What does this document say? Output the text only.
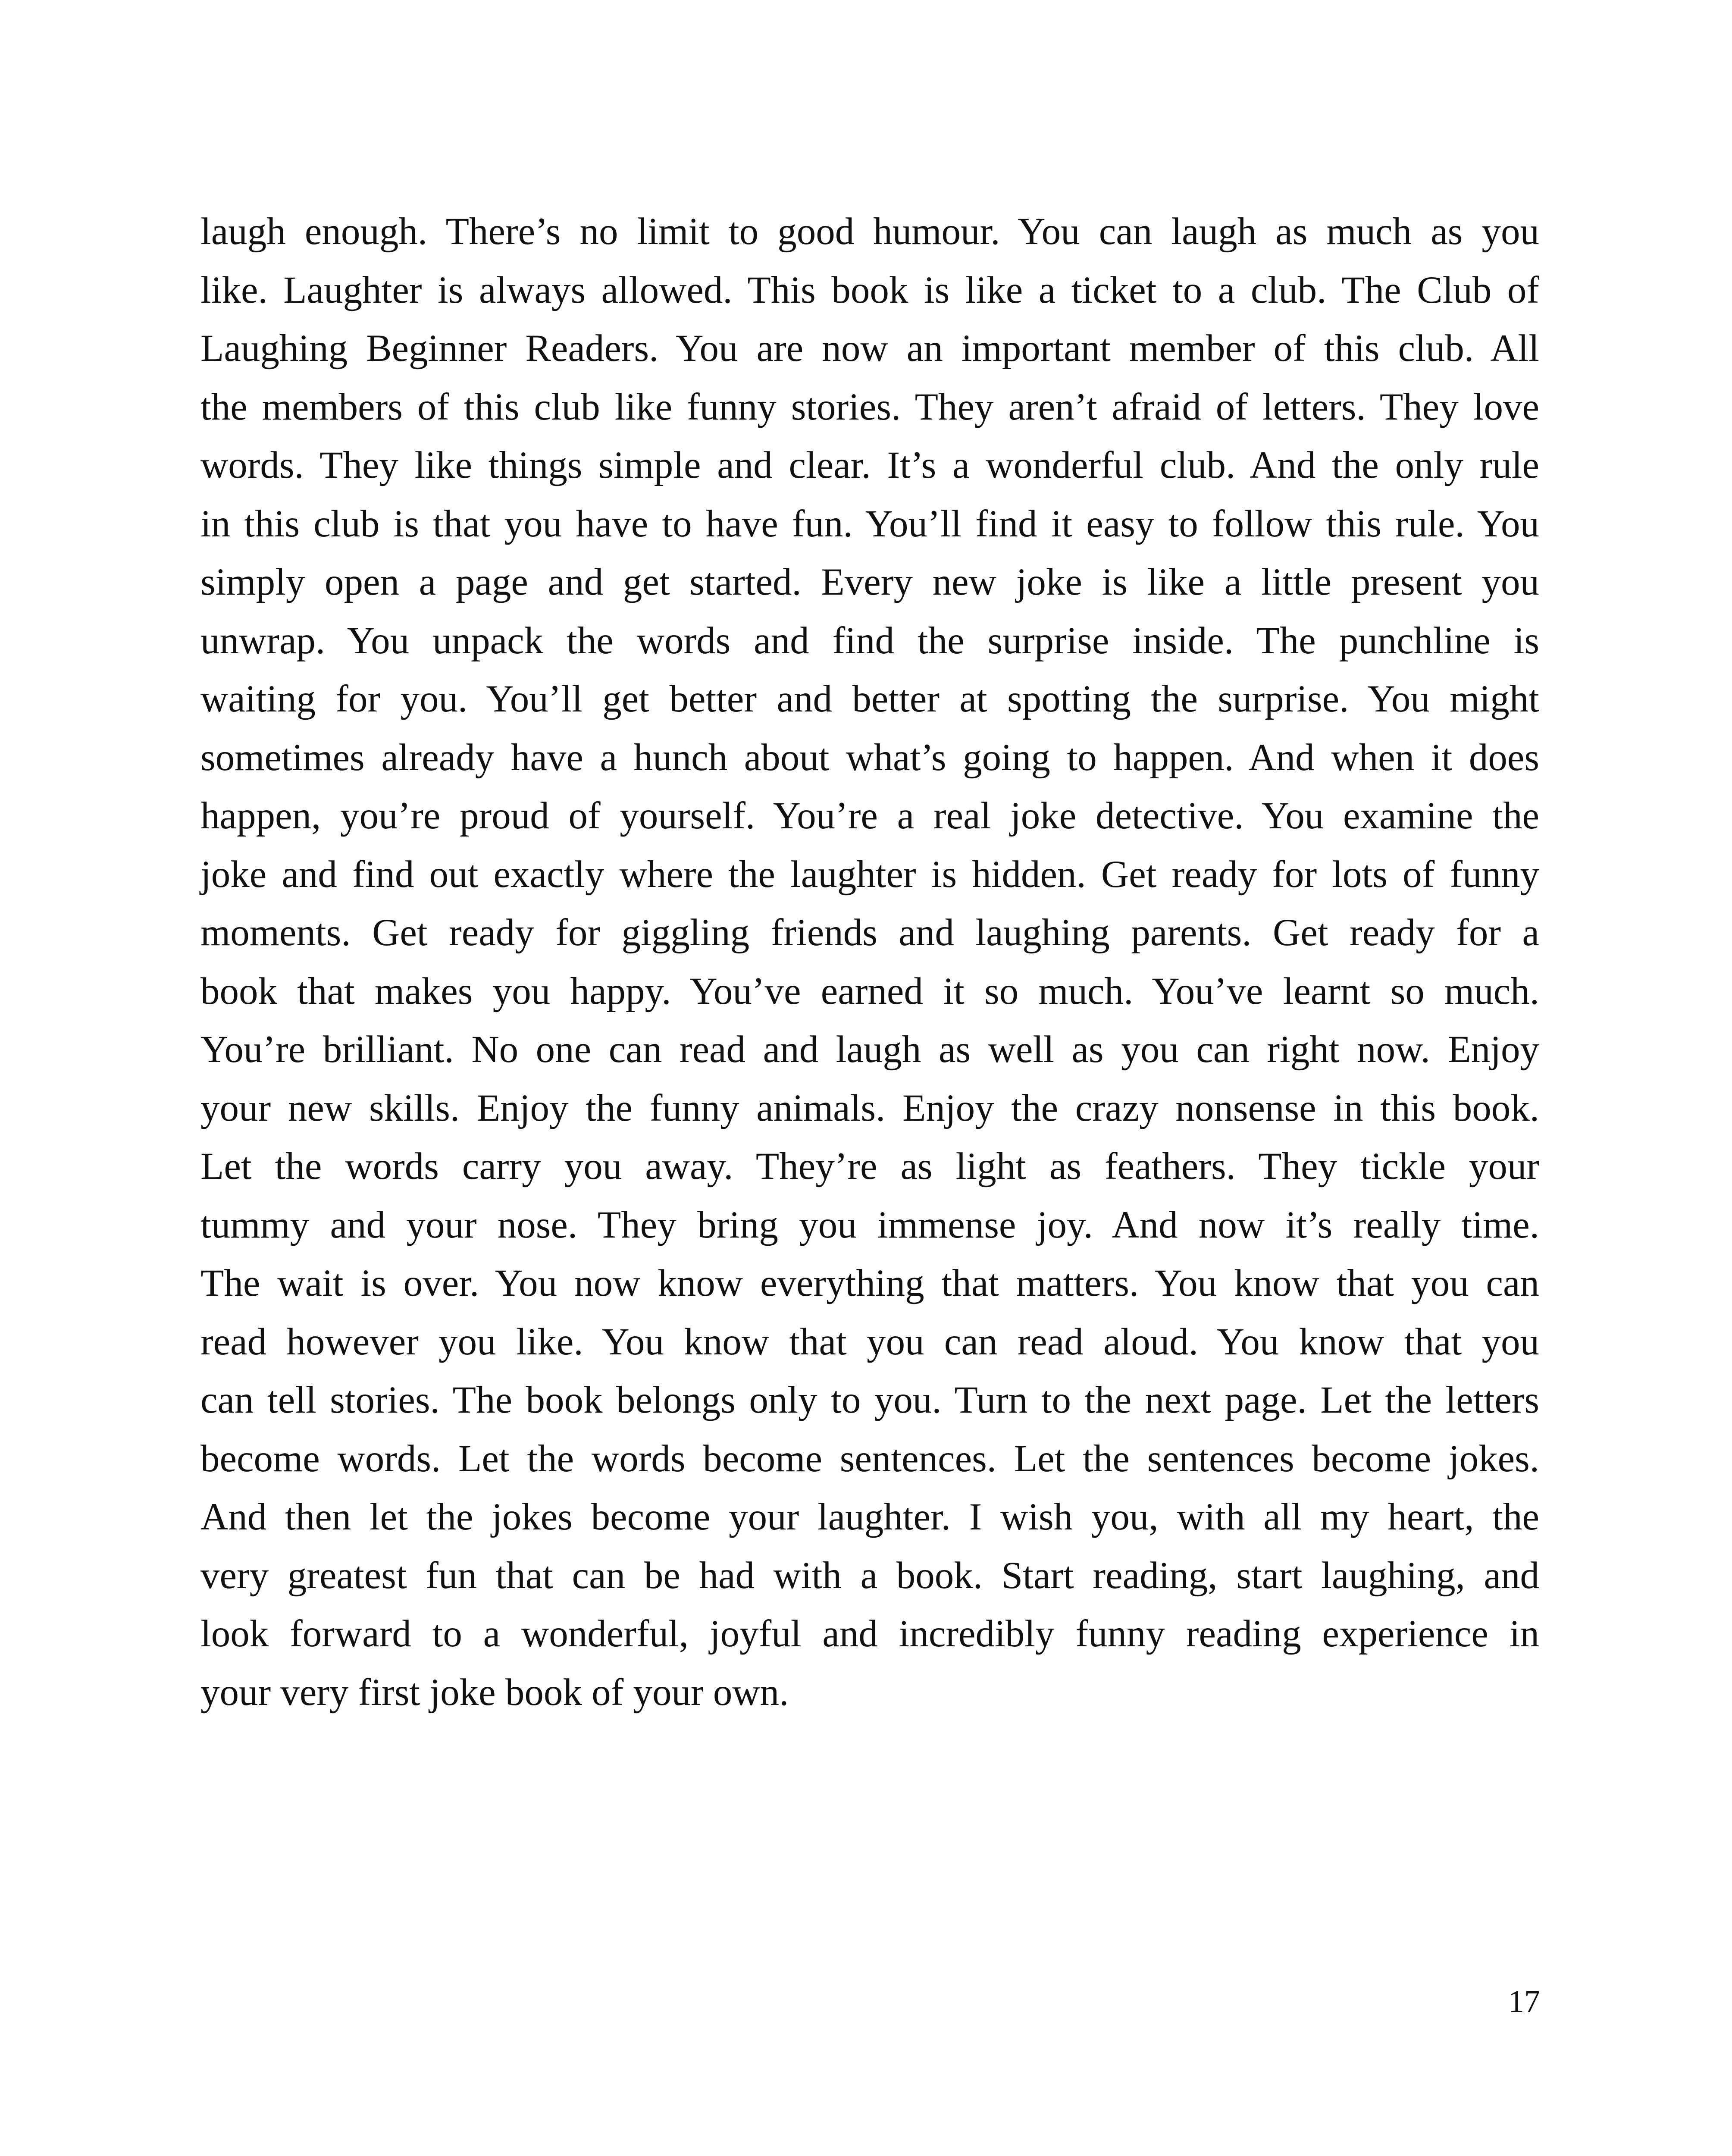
laugh enough. There’s no limit to good humour. You can laugh as much as you
like. Laughter is always allowed. This book is like a ticket to a club. The Club of
Laughing Beginner Readers. You are now an important member of this club. All
the members of this club like funny stories. They aren’t afraid of letters. They love
words. They like things simple and clear. It’s a wonderful club. And the only rule
in this club is that you have to have fun. You’ll find it easy to follow this rule. You
simply open a page and get started. Every new joke is like a little present you
unwrap. You unpack the words and find the surprise inside. The punchline is
waiting for you. You’ll get better and better at spotting the surprise. You might
sometimes already have a hunch about what’s going to happen. And when it does
happen, you’re proud of yourself. You’re a real joke detective. You examine the
joke and find out exactly where the laughter is hidden. Get ready for lots of funny
moments. Get ready for giggling friends and laughing parents. Get ready for a
book that makes you happy. You’ve earned it so much. You’ve learnt so much.
You’re brilliant. No one can read and laugh as well as you can right now. Enjoy
your new skills. Enjoy the funny animals. Enjoy the crazy nonsense in this book.
Let the words carry you away. They’re as light as feathers. They tickle your
tummy and your nose. They bring you immense joy. And now it’s really time.
The wait is over. You now know everything that matters. You know that you can
read however you like. You know that you can read aloud. You know that you
can tell stories. The book belongs only to you. Turn to the next page. Let the letters
become words. Let the words become sentences. Let the sentences become jokes.
And then let the jokes become your laughter. I wish you, with all my heart, the
very greatest fun that can be had with a book. Start reading, start laughing, and
look forward to a wonderful, joyful and incredibly funny reading experience in
your very first joke book of your own.
17
